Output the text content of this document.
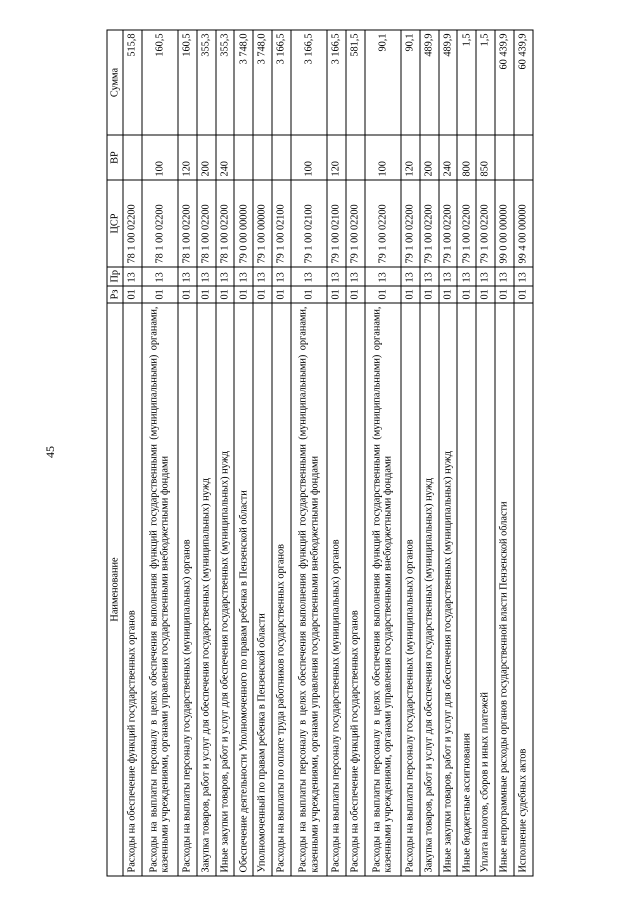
45
Наименование	Рз	Пр	ЦСР	ВР	Сумма
Расходы на обеспечение функций государственных органов	01	13	78 1 00 02200		515,8
Расходы на выплаты персоналу в целях обеспечения выполнения функций государственными (муниципальными) органами, казенными учреждениями, органами управления государственными внебюджетными фондами	01	13	78 1 00 02200	100	160,5
Расходы на выплаты персоналу государственных (муниципальных) органов	01	13	78 1 00 02200	120	160,5
Закупка товаров, работ и услуг для обеспечения государственных (муниципальных) нужд	01	13	78 1 00 02200	200	355,3
Иные закупки товаров, работ и услуг для обеспечения государственных (муниципальных) нужд	01	13	78 1 00 02200	240	355,3
Обеспечение деятельности Уполномоченного по правам ребенка в Пензенской области	01	13	79 0 00 00000		3 748,0
Уполномоченный по правам ребенка в Пензенской области	01	13	79 1 00 00000		3 748,0
Расходы на выплаты по оплате труда работников государственных органов	01	13	79 1 00 02100		3 166,5
Расходы на выплаты персоналу в целях обеспечения выполнения функций государственными (муниципальными) органами, казенными учреждениями, органами управления государственными внебюджетными фондами	01	13	79 1 00 02100	100	3 166,5
Расходы на выплаты персоналу государственных (муниципальных) органов	01	13	79 1 00 02100	120	3 166,5
Расходы на обеспечение функций государственных органов	01	13	79 1 00 02200		581,5
Расходы на выплаты персоналу в целях обеспечения выполнения функций государственными (муниципальными) органами, казенными учреждениями, органами управления государственными внебюджетными фондами	01	13	79 1 00 02200	100	90,1
Расходы на выплаты персоналу государственных (муниципальных) органов	01	13	79 1 00 02200	120	90,1
Закупка товаров, работ и услуг для обеспечения государственных (муниципальных) нужд	01	13	79 1 00 02200	200	489,9
Иные закупки товаров, работ и услуг для обеспечения государственных (муниципальных) нужд	01	13	79 1 00 02200	240	489,9
Иные бюджетные ассигнования	01	13	79 1 00 02200	800	1,5
Уплата налогов, сборов и иных платежей	01	13	79 1 00 02200	850	1,5
Иные непрограммные расходы органов государственной власти Пензенской области	01	13	99 0 00 00000		60 439,9
Исполнение судебных актов	01	13	99 4 00 00000		60 439,9
